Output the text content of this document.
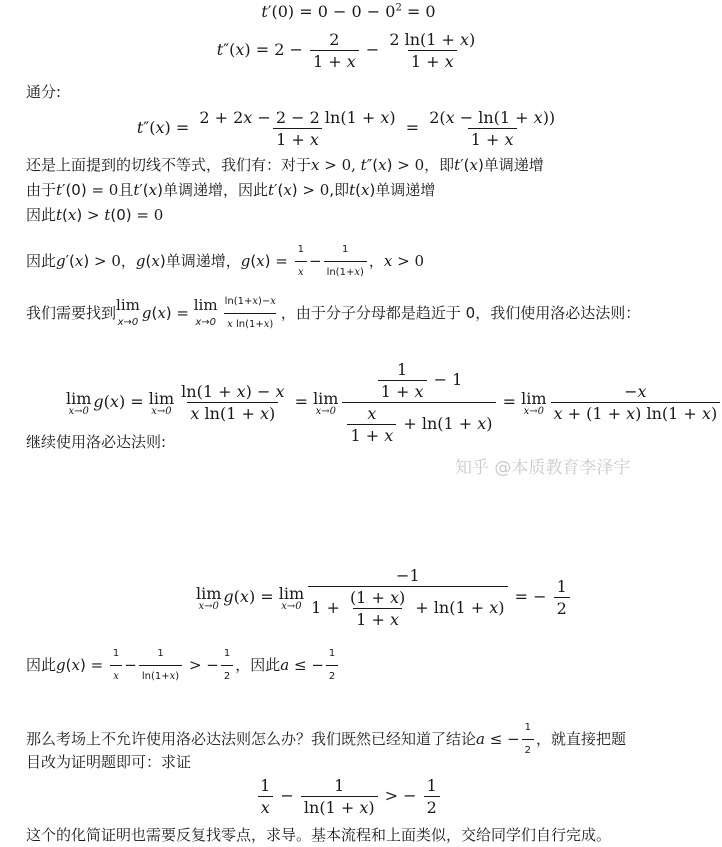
$t'(0) = 0 - 0 - 0^2 = 0$
$t''(x) = 2 - \frac{2}{1 + x} - \frac{2 \ln(1 + x)}{1 + x}$
通分:
$t''(x) = \frac{2 + 2x - 2 - 2 \ln(1 + x)}{1 + x} = \frac{2(x - \ln(1 + x))}{1 + x}$
还是上面提到的切线不等式，我们有：对于x > 0, t″(x) > 0，即t′(x)单调递增
由于t′(0) = 0且t′(x)单调递增，因此t′(x) > 0,即t(x)单调递增
因此t(x) > t(0) = 0
因此g′(x) > 0，g(x)单调递增，$g(x) = \frac{1}{x} - \frac{1}{\ln(1+x)}$ ，x > 0
我们需要找到 lim
x→0 g(x) = lim
$x\to 0 \frac{\ln(1+x)-x}{\text{x ln(1+x)}}$ ，由于分子分母都是趋近于 0，我们使用洛必达法则：
lim
x→0 g(x) = lim
$x\to 0 \frac{\ln(1 + x) - x}{\text{x ln(1 + x)}} = \lim$
$x\to 0 \frac{\frac{1}{1 + x} - 1}{\frac{x}{1 + x} + \ln(1 + x)} = \lim$
$x\to 0 \frac{-x}{x + (1 + x) \ln(1 + x)}$
继续使用洛必达法则:
知乎 @本质教育李泽宇
lim
x→0 g(x) = lim
$x\to 0 \frac{-1}{1 + \frac{(1 + x)}{1 + x} + \ln(1 + x)}$ = − $\frac{1}{2}$
因此$g(x) = \frac{1}{x} - \frac{1}{\ln(1+x)}$ > − $\frac{1}{2}$ ，因此a ≤ − $\frac{1}{2}$
那么考场上不允许使用洛必达法则怎么办？我们既然已经知道了结论a ≤ − $\frac{1}{2}$ ，就直接把题
目改为证明题即可：求证
$\frac{1}{x} - \frac{1}{\ln(1 + x)}$ > − $\frac{1}{2}$
这个的化简证明也需要反复找零点，求导。基本流程和上面类似，交给同学们自行完成。
